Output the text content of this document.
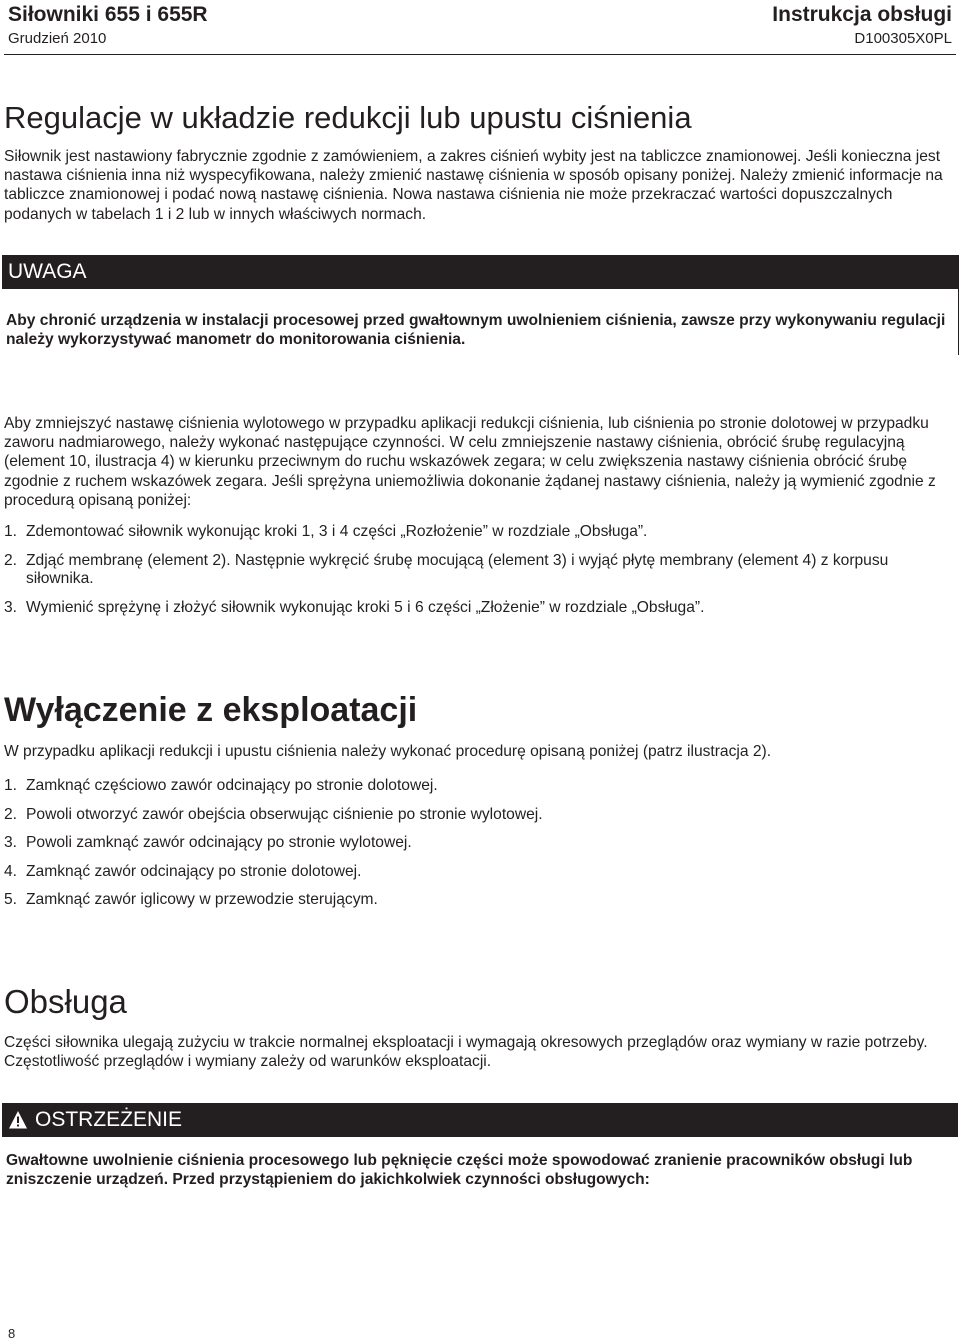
Siłowniki 655 i 655R
Grudzień 2010
Instrukcja obsługi
D100305X0PL
Regulacje w układzie redukcji lub upustu ciśnienia
Siłownik jest nastawiony fabrycznie zgodnie z zamówieniem, a zakres ciśnień wybity jest na tabliczce znamionowej. Jeśli konieczna jest nastawa ciśnienia inna niż wyspecyfikowana, należy zmienić nastawę ciśnienia w sposób opisany poniżej. Należy zmienić informacje na tabliczce znamionowej i podać nową nastawę ciśnienia. Nowa nastawa ciśnienia nie może przekraczać wartości dopuszczalnych podanych w tabelach 1 i 2 lub w innych właściwych normach.
UWAGA
Aby chronić urządzenia w instalacji procesowej przed gwałtownym uwolnieniem ciśnienia, zawsze przy wykonywaniu regulacji należy wykorzystywać manometr do monitorowania ciśnienia.
Aby zmniejszyć nastawę ciśnienia wylotowego w przypadku aplikacji redukcji ciśnienia, lub ciśnienia po stronie dolotowej w przypadku zaworu nadmiarowego, należy wykonać następujące czynności. W celu zmniejszenie nastawy ciśnienia, obrócić śrubę regulacyjną (element 10, ilustracja 4) w kierunku przeciwnym do ruchu wskazówek zegara; w celu zwiększenia nastawy ciśnienia obrócić śrubę zgodnie z ruchem wskazówek zegara. Jeśli sprężyna uniemożliwia dokonanie żądanej nastawy ciśnienia, należy ją wymienić zgodnie z procedurą opisaną poniżej:
1. Zdemontować siłownik wykonując kroki 1, 3 i 4 części „Rozłożenie” w rozdziale „Obsługa”.
2. Zdjąć membranę (element 2). Następnie wykręcić śrubę mocującą (element 3) i wyjąć płytę membrany (element 4) z korpusu siłownika.
3. Wymienić sprężynę i złożyć siłownik wykonując kroki 5 i 6 części „Złożenie” w rozdziale „Obsługa”.
Wyłączenie z eksploatacji
W przypadku aplikacji redukcji i upustu ciśnienia należy wykonać procedurę opisaną poniżej (patrz ilustracja 2).
1. Zamknąć częściowo zawór odcinający po stronie dolotowej.
2. Powoli otworzyć zawór obejścia obserwując ciśnienie po stronie wylotowej.
3. Powoli zamknąć zawór odcinający po stronie wylotowej.
4. Zamknąć zawór odcinający po stronie dolotowej.
5. Zamknąć zawór iglicowy w przewodzie sterującym.
Obsługa
Części siłownika ulegają zużyciu w trakcie normalnej eksploatacji i wymagają okresowych przeglądów oraz wymiany w razie potrzeby. Częstotliwość przeglądów i wymiany zależy od warunków eksploatacji.
OSTRZEŻENIE
Gwałtowne uwolnienie ciśnienia procesowego lub pęknięcie części może spowodować zranienie pracowników obsługi lub zniszczenie urządzeń. Przed przystąpieniem do jakichkolwiek czynności obsługowych:
8
